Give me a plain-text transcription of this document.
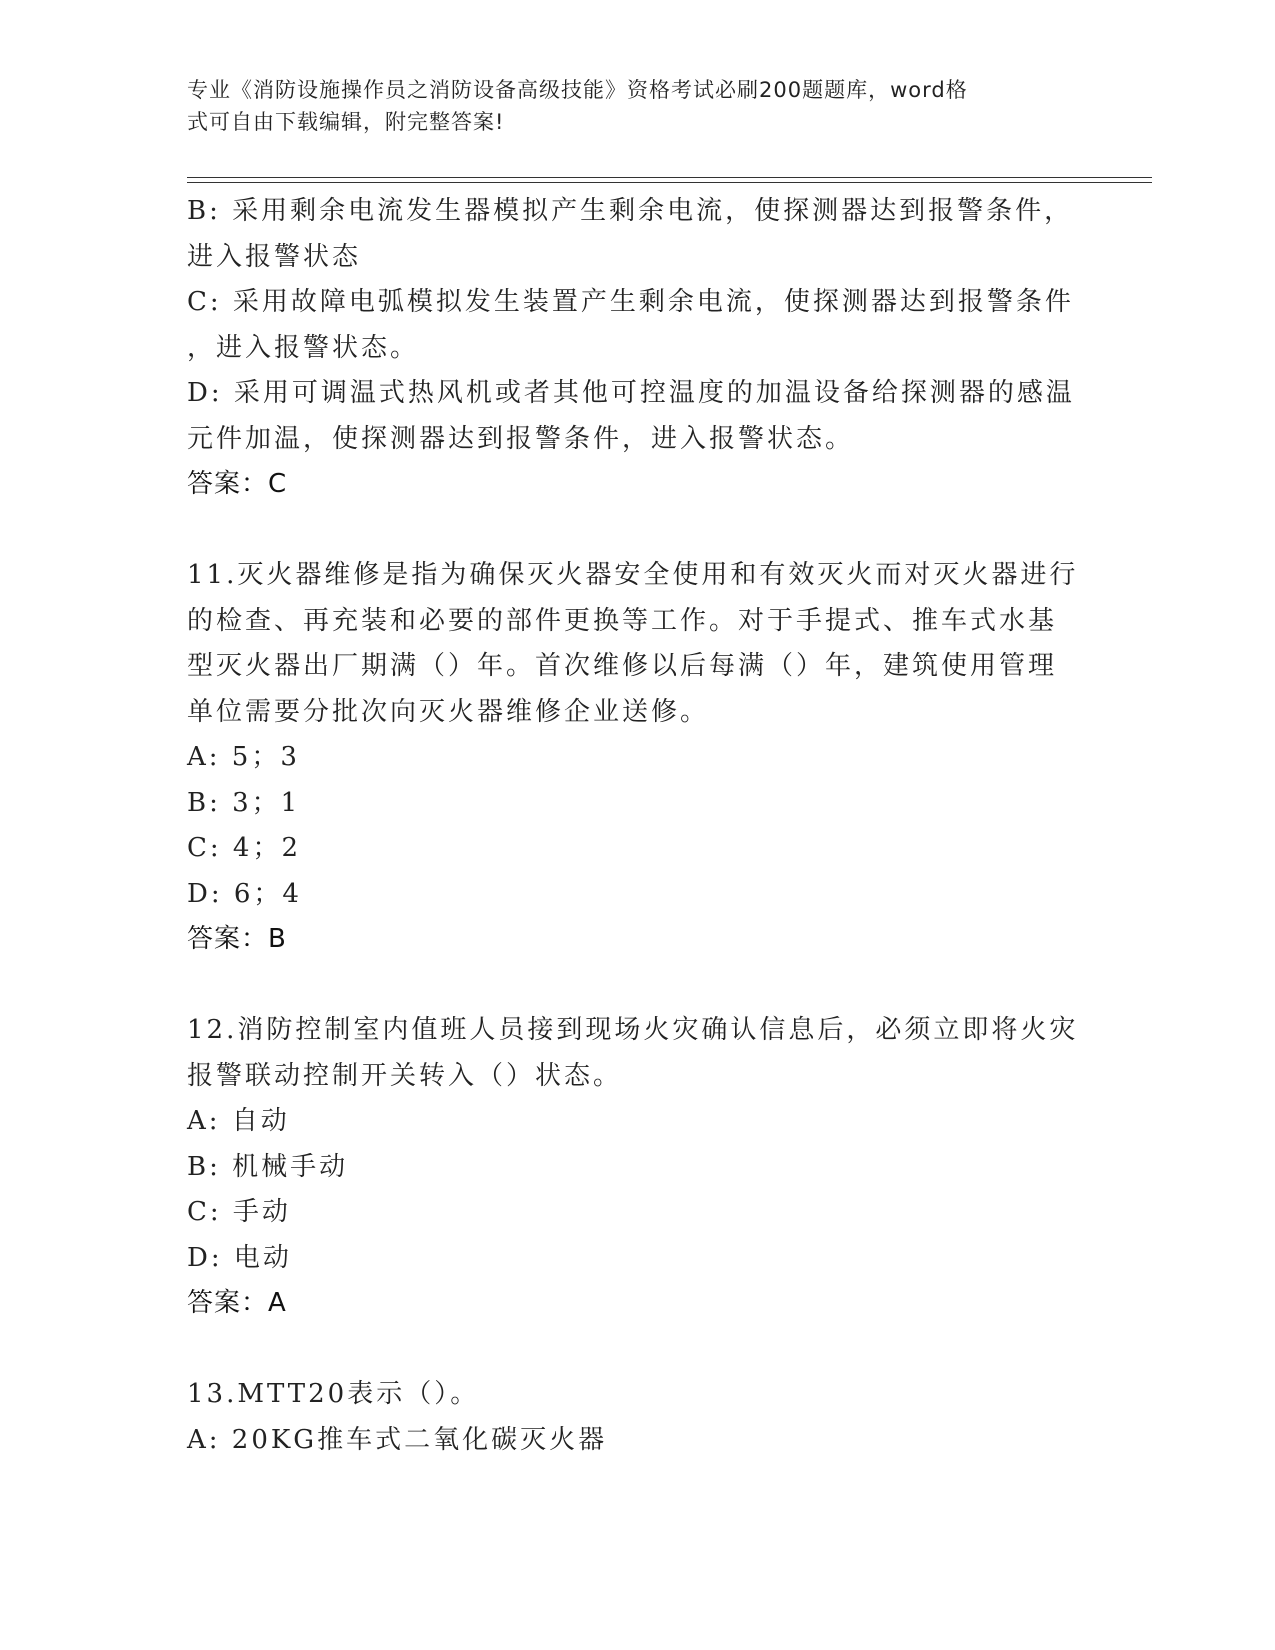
专业《消防设施操作员之消防设备高级技能》资格考试必刷200题题库，word格
式可自由下载编辑，附完整答案!
B: 采用剩余电流发生器模拟产生剩余电流，使探测器达到报警条件，
进入报警状态
C: 采用故障电弧模拟发生装置产生剩余电流，使探测器达到报警条件
，进入报警状态。
D: 采用可调温式热风机或者其他可控温度的加温设备给探测器的感温
元件加温，使探测器达到报警条件，进入报警状态。
答案：C
11.灭火器维修是指为确保灭火器安全使用和有效灭火而对灭火器进行
的检查、再充装和必要的部件更换等工作。对于手提式、推车式水基
型灭火器出厂期满（）年。首次维修以后每满（）年，建筑使用管理
单位需要分批次向灭火器维修企业送修。
A: 5；3
B: 3；1
C: 4；2
D: 6；4
答案：B
12.消防控制室内值班人员接到现场火灾确认信息后，必须立即将火灾
报警联动控制开关转入（）状态。
A: 自动
B: 机械手动
C: 手动
D: 电动
答案：A
13.MTT20表示（）。
A: 20KG推车式二氧化碳灭火器
